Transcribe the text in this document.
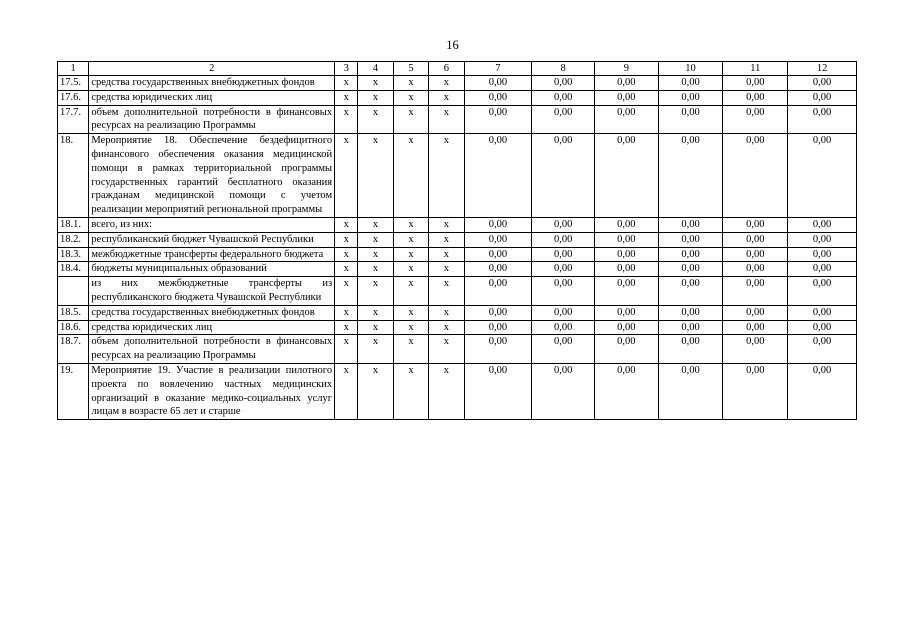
16
1	2	3	4	5	6	7	8	9	10	11	12
17.5.	средства государственных внебюджетных фондов	x	x	x	x	0,00	0,00	0,00	0,00	0,00	0,00
17.6.	средства юридических лиц	x	x	x	x	0,00	0,00	0,00	0,00	0,00	0,00
17.7.	объем дополнительной потребности в финансовых ресурсах на реализацию Программы	x	x	x	x	0,00	0,00	0,00	0,00	0,00	0,00
18.	Мероприятие 18. Обеспечение бездефицитного финансового обеспечения оказания медицинской помощи в рамках территориальной программы государственных гарантий бесплатного оказания гражданам медицинской помощи с учетом реализации мероприятий региональной программы	x	x	x	x	0,00	0,00	0,00	0,00	0,00	0,00
18.1.	всего, из них:	x	x	x	x	0,00	0,00	0,00	0,00	0,00	0,00
18.2.	республиканский бюджет Чувашской Республики	x	x	x	x	0,00	0,00	0,00	0,00	0,00	0,00
18.3.	межбюджетные трансферты федерального бюджета	x	x	x	x	0,00	0,00	0,00	0,00	0,00	0,00
18.4.	бюджеты муниципальных образований	x	x	x	x	0,00	0,00	0,00	0,00	0,00	0,00
	из них межбюджетные трансферты из республиканского бюджета Чувашской Республики	x	x	x	x	0,00	0,00	0,00	0,00	0,00	0,00
18.5.	средства государственных внебюджетных фондов	x	x	x	x	0,00	0,00	0,00	0,00	0,00	0,00
18.6.	средства юридических лиц	x	x	x	x	0,00	0,00	0,00	0,00	0,00	0,00
18.7.	объем дополнительной потребности в финансовых ресурсах на реализацию Программы	x	x	x	x	0,00	0,00	0,00	0,00	0,00	0,00
19.	Мероприятие 19. Участие в реализации пилотного проекта по вовлечению частных медицинских организаций в оказание медико-социальных услуг лицам в возрасте 65 лет и старше	x	x	x	x	0,00	0,00	0,00	0,00	0,00	0,00
